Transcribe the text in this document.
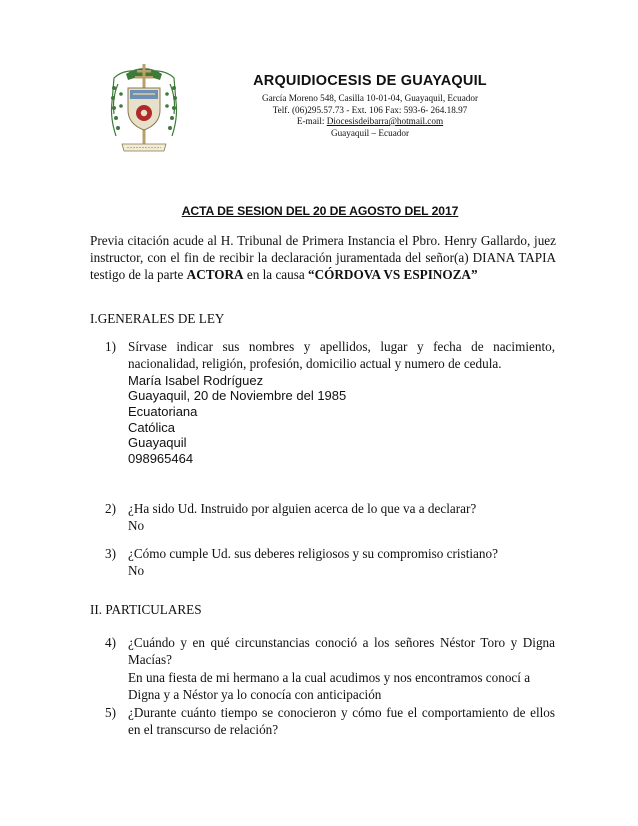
ARQUIDIOCESIS DE GUAYAQUIL

García Moreno 548, Casilla 10-01-04, Guayaquil, Ecuador

Telf. (06)295.57.73 - Ext. 106 Fax: 593-6- 264.18.97

E-mail: Diocesisdeibarra@hotmail.com

Guayaquil – Ecuador

ACTA DE SESION DEL 20 DE AGOSTO DEL 2017
Previa citación acude al H. Tribunal de Primera Instancia el Pbro. Henry Gallardo, juez instructor, con el fin de recibir la declaración juramentada del señor(a) DIANA TAPIA testigo de la parte ACTORA en la causa “CÓRDOVA VS ESPINOZA”
I.GENERALES DE LEY
1) Sírvase indicar sus nombres y apellidos, lugar y fecha de nacimiento, nacionalidad, religión, profesión, domicilio actual y numero de cedula.
María Isabel Rodríguez
Guayaquil, 20 de Noviembre del 1985
Ecuatoriana
Católica
Guayaquil
098965464
2) ¿Ha sido Ud. Instruido por alguien acerca de lo que va a declarar?
No
3) ¿Cómo cumple Ud. sus deberes religiosos y su compromiso cristiano?
No
II. PARTICULARES
4) ¿Cuándo y en qué circunstancias conoció a los señores Néstor Toro y Digna Macías?
En una fiesta de mi hermano a la cual acudimos y nos encontramos conocí a Digna y a Néstor ya lo conocía con anticipación
5) ¿Durante cuánto tiempo se conocieron y cómo fue el comportamiento de ellos en el transcurso de relación?
